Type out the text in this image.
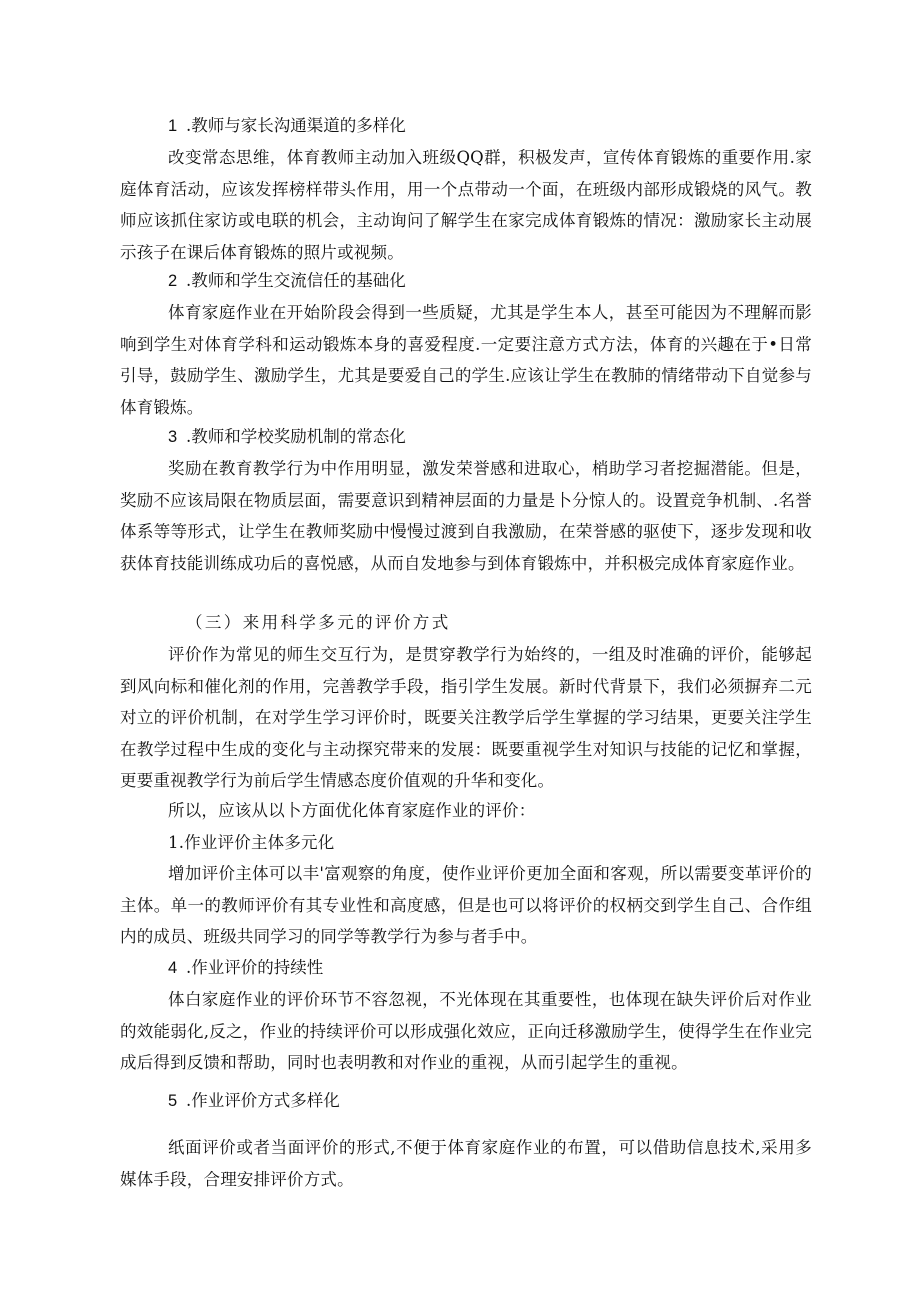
1 .教师与家长沟通渠道的多样化

改变常态思维，体育教师主动加入班级QQ群，积极发声，宣传体育锻炼的重要作用.家庭体育活动，应该发挥榜样带头作用，用一个点带动一个面，在班级内部形成锻烧的风气。教师应该抓住家访或电联的机会，主动询问了解学生在家完成体育锻炼的情况：激励家长主动展示孩子在课后体育锻炼的照片或视频。

2 .教师和学生交流信任的基础化

体育家庭作业在开始阶段会得到一些质疑，尤其是学生本人，甚至可能因为不理解而影响到学生对体育学科和运动锻炼本身的喜爱程度.一定要注意方式方法，体育的兴趣在于•日常引导，鼓励学生、激励学生，尤其是要爱自己的学生.应该让学生在教肺的情绪带动下自觉参与体育锻炼。

3 .教师和学校奖励机制的常态化

奖励在教育教学行为中作用明显，激发荣誉感和进取心，梢助学习者挖掘潜能。但是，奖励不应该局限在物质层面，需要意识到精神层面的力量是卜分惊人的。设置竞争机制、.名誉体系等等形式，让学生在教师奖励中慢慢过渡到自我激励，在荣誉感的驱使下，逐步发现和收获体育技能训练成功后的喜悦感，从而自发地参与到体育锻炼中，并积极完成体育家庭作业。

（三）来用科学多元的评价方式

评价作为常见的师生交互行为，是贯穿教学行为始终的，一组及时准确的评价，能够起到风向标和催化剂的作用，完善教学手段，指引学生发展。新时代背景下，我们必须摒弃二元对立的评价机制，在对学生学习评价时，既要关注教学后学生掌握的学习结果，更要关注学生在教学过程中生成的变化与主动探究带来的发展：既要重视学生对知识与技能的记忆和掌握，更要重视教学行为前后学生情感态度价值观的升华和变化。

所以，应该从以卜方面优化体育家庭作业的评价：

1.作业评价主体多元化

增加评价主体可以丰'富观察的角度，使作业评价更加全面和客观，所以需要变革评价的主体。单一的教师评价有其专业性和高度感，但是也可以将评价的权柄交到学生自己、合作组内的成员、班级共同学习的同学等教学行为参与者手中。

4 .作业评价的持续性

体白家庭作业的评价环节不容忽视，不光体现在其重要性，也体现在缺失评价后对作业的效能弱化,反之，作业的持续评价可以形成强化效应，正向迁移激励学生，使得学生在作业完成后得到反馈和帮助，同时也表明教和对作业的重视，从而引起学生的重视。

5 .作业评价方式多样化

纸面评价或者当面评价的形式,不便于体育家庭作业的布置，可以借助信息技术,采用多媒体手段，合理安排评价方式。
